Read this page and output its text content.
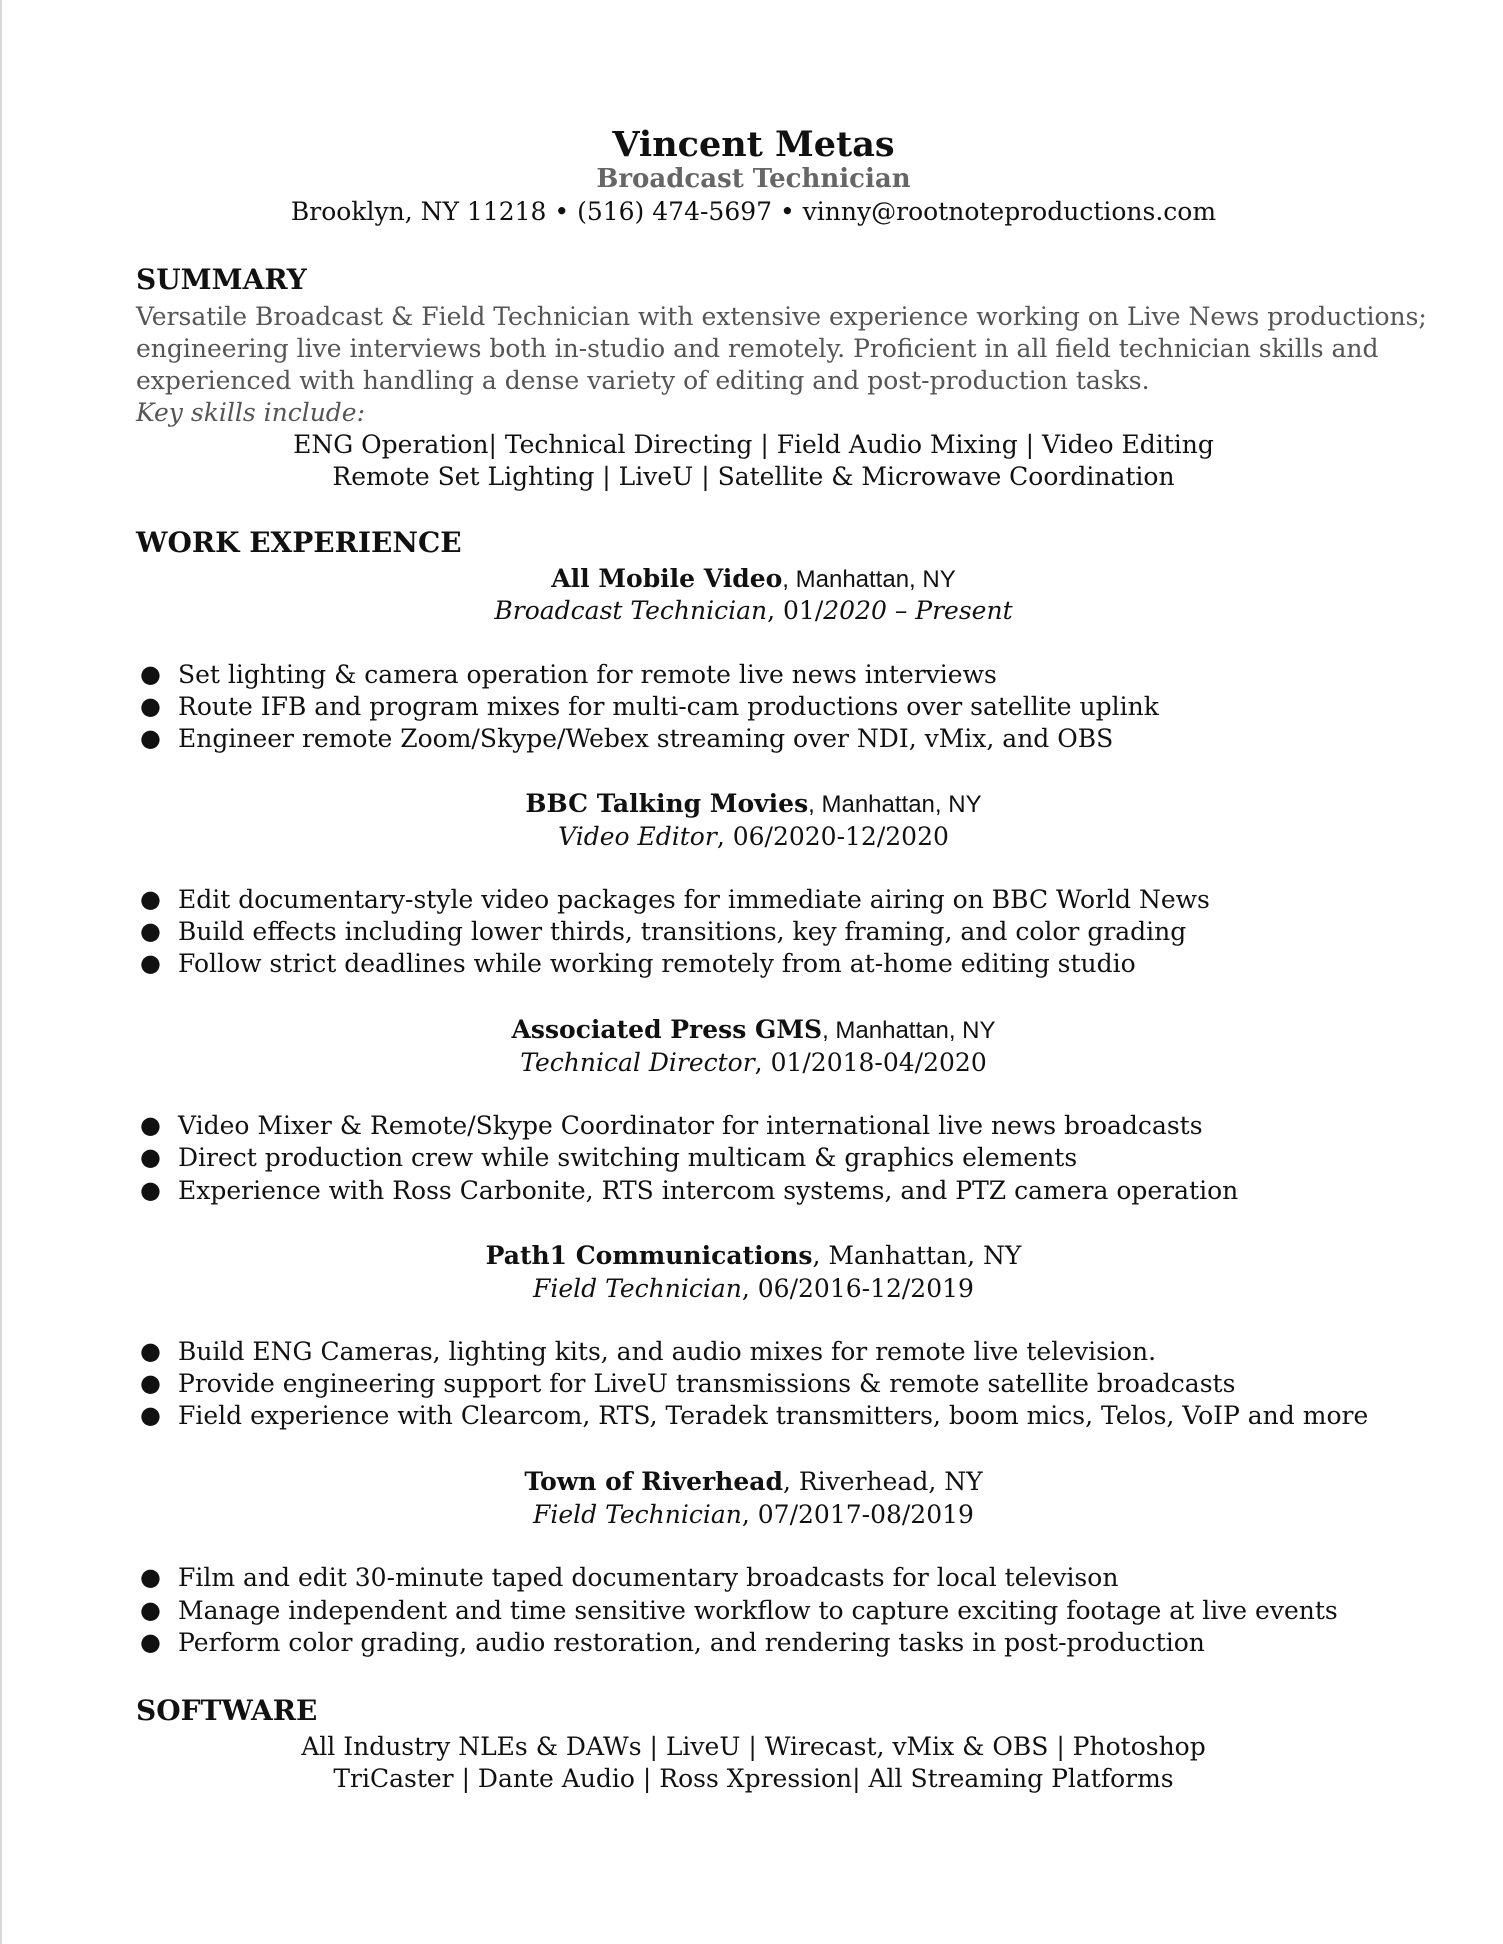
Vincent Metas
Broadcast Technician
Brooklyn, NY 11218 • (516) 474-5697 • vinny@rootnoteproductions.com
SUMMARY
Versatile Broadcast & Field Technician with extensive experience working on Live News productions;
engineering live interviews both in-studio and remotely. Proficient in all field technician skills and
experienced with handling a dense variety of editing and post-production tasks.
Key skills include:
ENG Operation| Technical Directing | Field Audio Mixing | Video Editing
Remote Set Lighting | LiveU | Satellite & Microwave Coordination
WORK EXPERIENCE
All Mobile Video, Manhattan, NY
Broadcast Technician, 01/2020 – Present
● Set lighting & camera operation for remote live news interviews
● Route IFB and program mixes for multi-cam productions over satellite uplink
● Engineer remote Zoom/Skype/Webex streaming over NDI, vMix, and OBS
BBC Talking Movies, Manhattan, NY
Video Editor, 06/2020-12/2020
● Edit documentary-style video packages for immediate airing on BBC World News
● Build effects including lower thirds, transitions, key framing, and color grading
● Follow strict deadlines while working remotely from at-home editing studio
Associated Press GMS, Manhattan, NY
Technical Director, 01/2018-04/2020
● Video Mixer & Remote/Skype Coordinator for international live news broadcasts
● Direct production crew while switching multicam & graphics elements
● Experience with Ross Carbonite, RTS intercom systems, and PTZ camera operation
Path1 Communications, Manhattan, NY
Field Technician, 06/2016-12/2019
● Build ENG Cameras, lighting kits, and audio mixes for remote live television.
● Provide engineering support for LiveU transmissions & remote satellite broadcasts
● Field experience with Clearcom, RTS, Teradek transmitters, boom mics, Telos, VoIP and more
Town of Riverhead, Riverhead, NY
Field Technician, 07/2017-08/2019
● Film and edit 30-minute taped documentary broadcasts for local televison
● Manage independent and time sensitive workflow to capture exciting footage at live events
● Perform color grading, audio restoration, and rendering tasks in post-production
SOFTWARE
All Industry NLEs & DAWs | LiveU | Wirecast, vMix & OBS | Photoshop
TriCaster | Dante Audio | Ross Xpression| All Streaming Platforms
